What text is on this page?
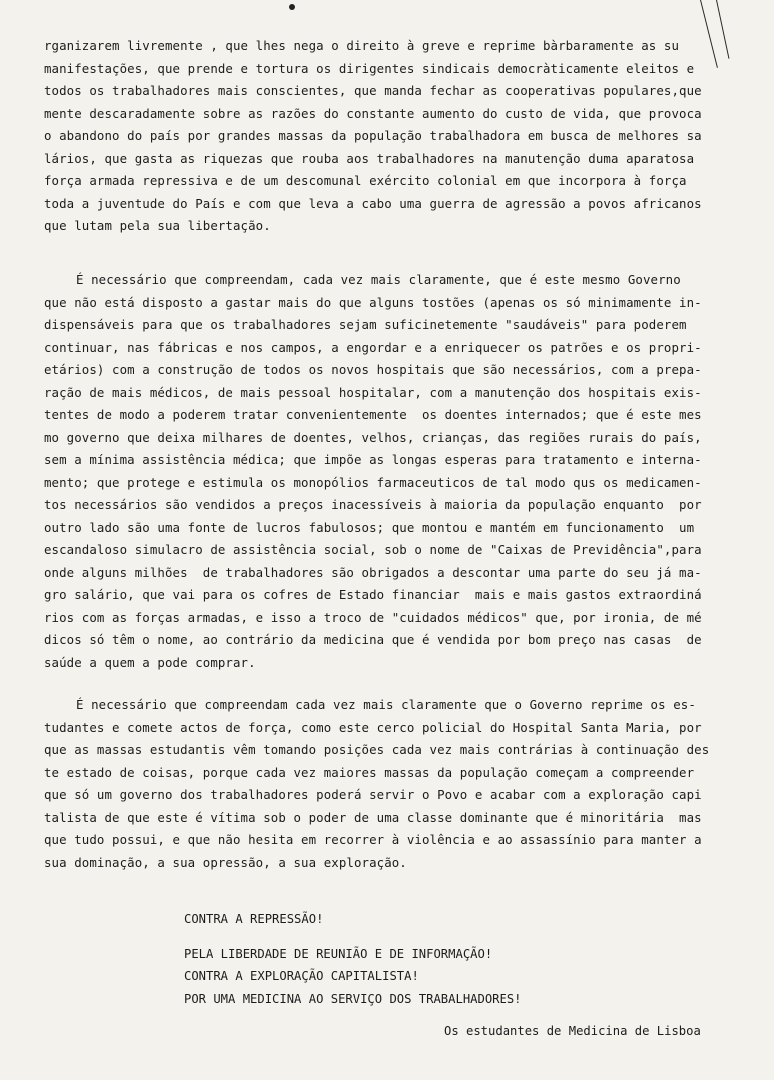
rganizarem livremente , que lhes nega o direito à greve e reprime bàrbaramente as su
manifestações, que prende e tortura os dirigentes sindicais democràticamente eleitos e
todos os trabalhadores mais conscientes, que manda fechar as cooperativas populares,que
mente descaradamente sobre as razões do constante aumento do custo de vida, que provoca
o abandono do país por grandes massas da população trabalhadora em busca de melhores sa
lários, que gasta as riquezas que rouba aos trabalhadores na manutenção duma aparatosa
força armada repressiva e de um descomunal exército colonial em que incorpora à força
toda a juventude do País e com que leva a cabo uma guerra de agressão a povos africanos
que lutam pela sua libertação.
É necessário que compreendam, cada vez mais claramente, que é este mesmo Governo
que não está disposto a gastar mais do que alguns tostões (apenas os só minimamente in-
dispensáveis para que os trabalhadores sejam suficinetemente "saudáveis" para poderem
continuar, nas fábricas e nos campos, a engordar e a enriquecer os patrões e os propri-
etários) com a construção de todos os novos hospitais que são necessários, com a prepa-
ração de mais médicos, de mais pessoal hospitalar, com a manutenção dos hospitais exis-
tentes de modo a poderem tratar convenientemente  os doentes internados; que é este mes
mo governo que deixa milhares de doentes, velhos, crianças, das regiões rurais do país,
sem a mínima assistência médica; que impõe as longas esperas para tratamento e interna-
mento; que protege e estimula os monopólios farmaceuticos de tal modo qus os medicamen-
tos necessários são vendidos a preços inacessíveis à maioria da população enquanto  por
outro lado são uma fonte de lucros fabulosos; que montou e mantém em funcionamento  um
escandaloso simulacro de assistência social, sob o nome de "Caixas de Previdência",para
onde alguns milhões  de trabalhadores são obrigados a descontar uma parte do seu já ma-
gro salário, que vai para os cofres de Estado financiar  mais e mais gastos extraordiná
rios com as forças armadas, e isso a troco de "cuidados médicos" que, por ironia, de mé
dicos só têm o nome, ao contrário da medicina que é vendida por bom preço nas casas  de
saúde a quem a pode comprar.
É necessário que compreendam cada vez mais claramente que o Governo reprime os es-
tudantes e comete actos de força, como este cerco policial do Hospital Santa Maria, por
que as massas estudantis vêm tomando posições cada vez mais contrárias à continuação des
te estado de coisas, porque cada vez maiores massas da população começam a compreender
que só um governo dos trabalhadores poderá servir o Povo e acabar com a exploração capi
talista de que este é vítima sob o poder de uma classe dominante que é minoritária  mas
que tudo possui, e que não hesita em recorrer à violência e ao assassínio para manter a
sua dominação, a sua opressão, a sua exploração.
CONTRA A REPRESSÃO!
PELA LIBERDADE DE REUNIÃO E DE INFORMAÇÃO!
CONTRA A EXPLORAÇÃO CAPITALISTA!
POR UMA MEDICINA AO SERVIÇO DOS TRABALHADORES!
Os estudantes de Medicina de Lisboa
